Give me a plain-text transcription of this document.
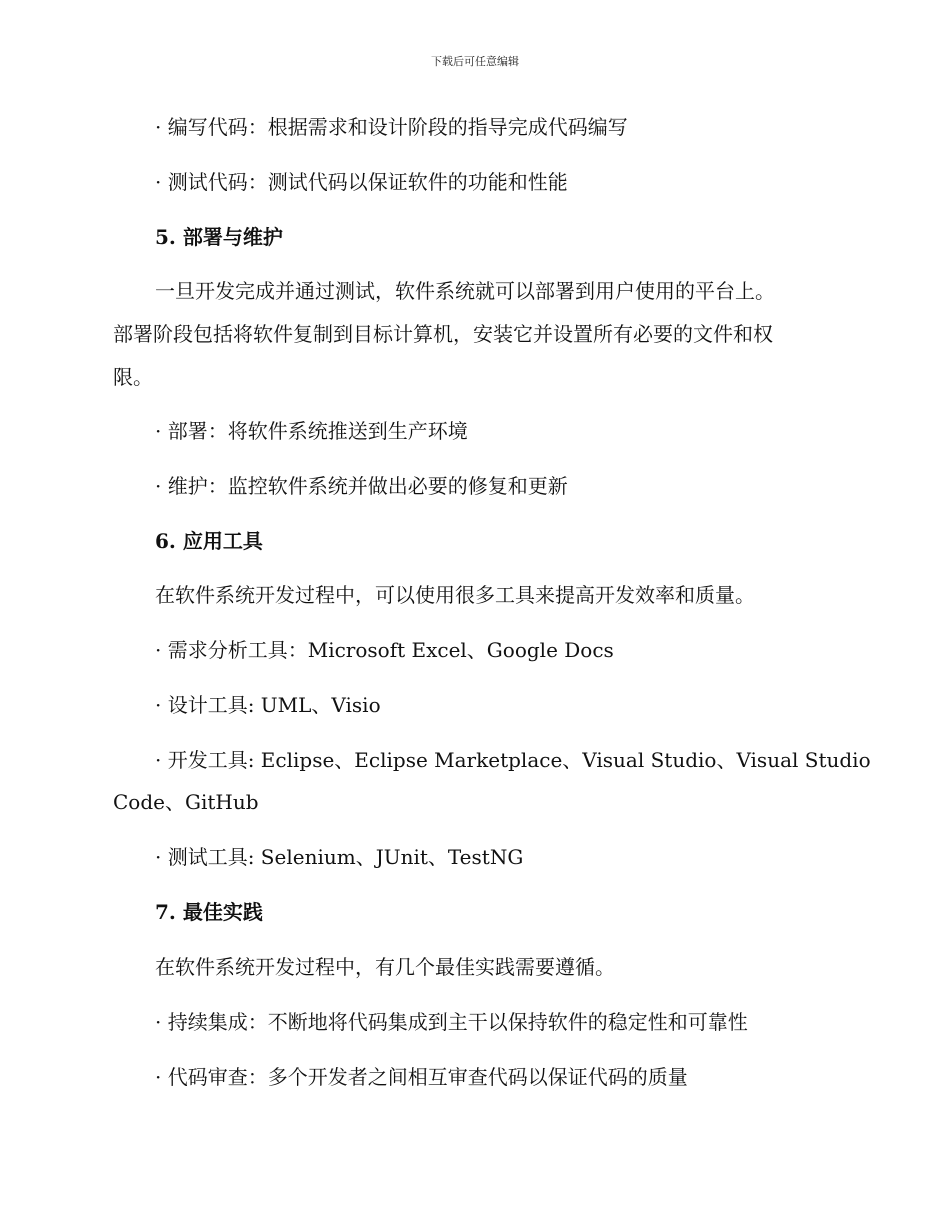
下载后可任意编辑
· 编写代码：根据需求和设计阶段的指导完成代码编写
· 测试代码：测试代码以保证软件的功能和性能
5. 部署与维护
一旦开发完成并通过测试，软件系统就可以部署到用户使用的平台上。
部署阶段包括将软件复制到目标计算机，安装它并设置所有必要的文件和权
限。
· 部署：将软件系统推送到生产环境
· 维护：监控软件系统并做出必要的修复和更新
6. 应用工具
在软件系统开发过程中，可以使用很多工具来提高开发效率和质量。
· 需求分析工具：Microsoft Excel、Google Docs
· 设计工具: UML、Visio
· 开发工具: Eclipse、Eclipse Marketplace、Visual Studio、Visual Studio
Code、GitHub
· 测试工具: Selenium、JUnit、TestNG
7. 最佳实践
在软件系统开发过程中，有几个最佳实践需要遵循。
· 持续集成：不断地将代码集成到主干以保持软件的稳定性和可靠性
· 代码审查：多个开发者之间相互审查代码以保证代码的质量
